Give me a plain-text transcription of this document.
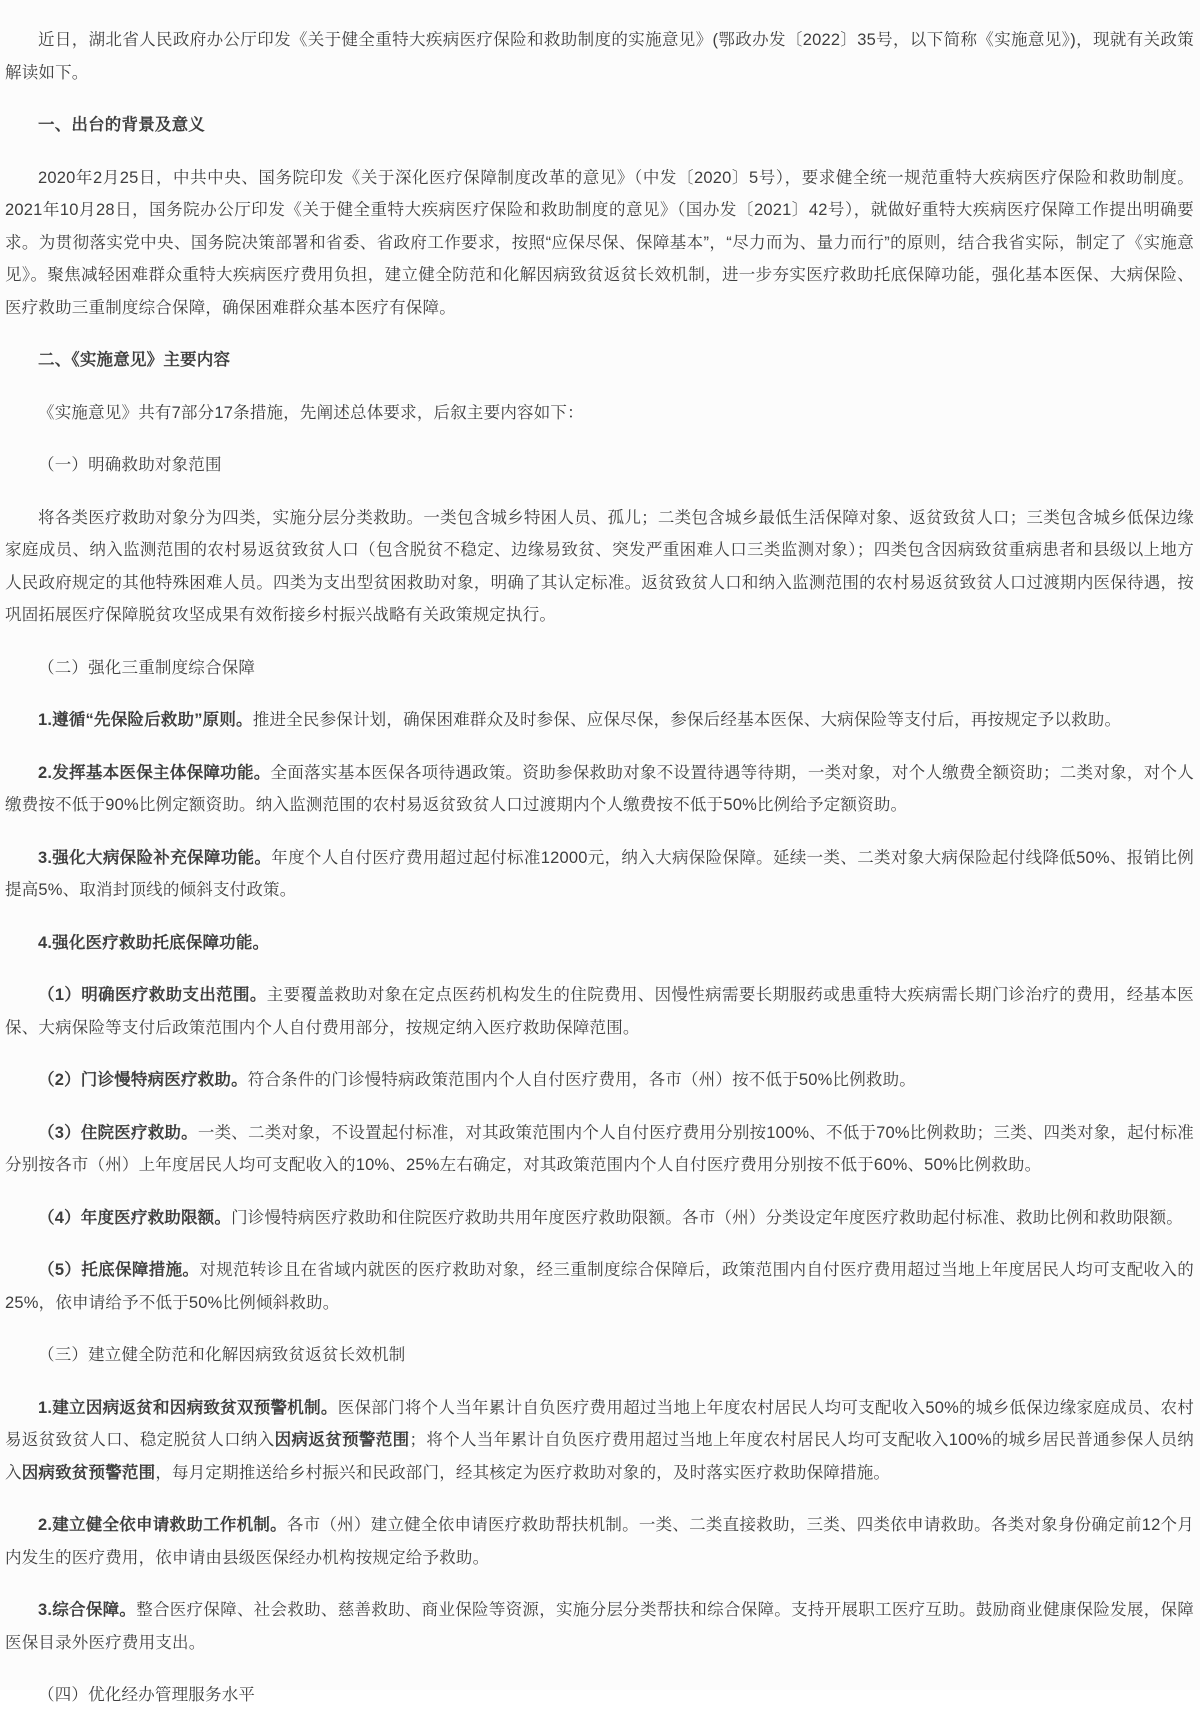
近日，湖北省人民政府办公厅印发《关于健全重特大疾病医疗保险和救助制度的实施意见》(鄂政办发〔2022〕35号，以下简称《实施意见》)，现就有关政策解读如下。

一、出台的背景及意义

2020年2月25日，中共中央、国务院印发《关于深化医疗保障制度改革的意见》（中发〔2020〕5号），要求健全统一规范重特大疾病医疗保险和救助制度。2021年10月28日，国务院办公厅印发《关于健全重特大疾病医疗保险和救助制度的意见》（国办发〔2021〕42号），就做好重特大疾病医疗保障工作提出明确要求。为贯彻落实党中央、国务院决策部署和省委、省政府工作要求，按照“应保尽保、保障基本”，“尽力而为、量力而行”的原则，结合我省实际，制定了《实施意见》。聚焦减轻困难群众重特大疾病医疗费用负担，建立健全防范和化解因病致贫返贫长效机制，进一步夯实医疗救助托底保障功能，强化基本医保、大病保险、医疗救助三重制度综合保障，确保困难群众基本医疗有保障。

二、《实施意见》主要内容

《实施意见》共有7部分17条措施，先阐述总体要求，后叙主要内容如下：

（一）明确救助对象范围

将各类医疗救助对象分为四类，实施分层分类救助。一类包含城乡特困人员、孤儿；二类包含城乡最低生活保障对象、返贫致贫人口；三类包含城乡低保边缘家庭成员、纳入监测范围的农村易返贫致贫人口（包含脱贫不稳定、边缘易致贫、突发严重困难人口三类监测对象）；四类包含因病致贫重病患者和县级以上地方人民政府规定的其他特殊困难人员。四类为支出型贫困救助对象，明确了其认定标准。返贫致贫人口和纳入监测范围的农村易返贫致贫人口过渡期内医保待遇，按巩固拓展医疗保障脱贫攻坚成果有效衔接乡村振兴战略有关政策规定执行。

（二）强化三重制度综合保障

1.遵循“先保险后救助”原则。推进全民参保计划，确保困难群众及时参保、应保尽保，参保后经基本医保、大病保险等支付后，再按规定予以救助。

2.发挥基本医保主体保障功能。全面落实基本医保各项待遇政策。资助参保救助对象不设置待遇等待期，一类对象，对个人缴费全额资助；二类对象，对个人缴费按不低于90%比例定额资助。纳入监测范围的农村易返贫致贫人口过渡期内个人缴费按不低于50%比例给予定额资助。

3.强化大病保险补充保障功能。年度个人自付医疗费用超过起付标准12000元，纳入大病保险保障。延续一类、二类对象大病保险起付线降低50%、报销比例提高5%、取消封顶线的倾斜支付政策。

4.强化医疗救助托底保障功能。

（1）明确医疗救助支出范围。主要覆盖救助对象在定点医药机构发生的住院费用、因慢性病需要长期服药或患重特大疾病需长期门诊治疗的费用，经基本医保、大病保险等支付后政策范围内个人自付费用部分，按规定纳入医疗救助保障范围。

（2）门诊慢特病医疗救助。符合条件的门诊慢特病政策范围内个人自付医疗费用，各市（州）按不低于50%比例救助。

（3）住院医疗救助。一类、二类对象，不设置起付标准，对其政策范围内个人自付医疗费用分别按100%、不低于70%比例救助；三类、四类对象，起付标准分别按各市（州）上年度居民人均可支配收入的10%、25%左右确定，对其政策范围内个人自付医疗费用分别按不低于60%、50%比例救助。

（4）年度医疗救助限额。门诊慢特病医疗救助和住院医疗救助共用年度医疗救助限额。各市（州）分类设定年度医疗救助起付标准、救助比例和救助限额。

（5）托底保障措施。对规范转诊且在省域内就医的医疗救助对象，经三重制度综合保障后，政策范围内自付医疗费用超过当地上年度居民人均可支配收入的25%，依申请给予不低于50%比例倾斜救助。

（三）建立健全防范和化解因病致贫返贫长效机制

1.建立因病返贫和因病致贫双预警机制。医保部门将个人当年累计自负医疗费用超过当地上年度农村居民人均可支配收入50%的城乡低保边缘家庭成员、农村易返贫致贫人口、稳定脱贫人口纳入因病返贫预警范围；将个人当年累计自负医疗费用超过当地上年度农村居民人均可支配收入100%的城乡居民普通参保人员纳入因病致贫预警范围，每月定期推送给乡村振兴和民政部门，经其核定为医疗救助对象的，及时落实医疗救助保障措施。

2.建立健全依申请救助工作机制。各市（州）建立健全依申请医疗救助帮扶机制。一类、二类直接救助，三类、四类依申请救助。各类对象身份确定前12个月内发生的医疗费用，依申请由县级医保经办机构按规定给予救助。

3.综合保障。整合医疗保障、社会救助、慈善救助、商业保险等资源，实施分层分类帮扶和综合保障。支持开展职工医疗互助。鼓励商业健康保险发展，保障医保目录外医疗费用支出。

（四）优化经办管理服务水平
